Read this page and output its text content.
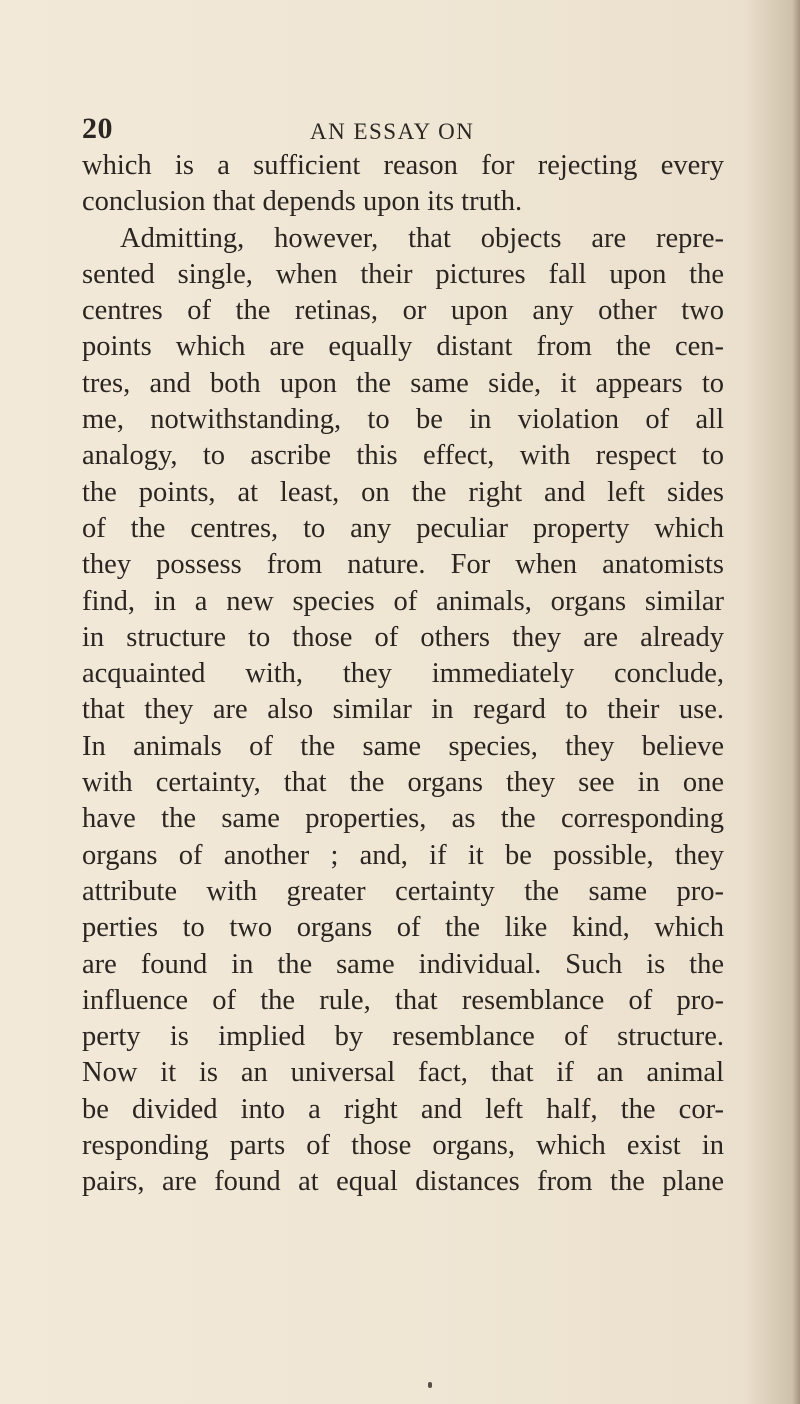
20	AN ESSAY ON
which is a sufficient reason for rejecting every
conclusion that depends upon its truth.
Admitting, however, that objects are repre-
sented single, when their pictures fall upon the
centres of the retinas, or upon any other two
points which are equally distant from the cen-
tres, and both upon the same side, it appears to
me, notwithstanding, to be in violation of all
analogy, to ascribe this effect, with respect to
the points, at least, on the right and left sides
of the centres, to any peculiar property which
they possess from nature. For when anatomists
find, in a new species of animals, organs similar
in structure to those of others they are already
acquainted with, they immediately conclude,
that they are also similar in regard to their use.
In animals of the same species, they believe
with certainty, that the organs they see in one
have the same properties, as the corresponding
organs of another ; and, if it be possible, they
attribute with greater certainty the same pro-
perties to two organs of the like kind, which
are found in the same individual. Such is the
influence of the rule, that resemblance of pro-
perty is implied by resemblance of structure.
Now it is an universal fact, that if an animal
be divided into a right and left half, the cor-
responding parts of those organs, which exist in
pairs, are found at equal distances from the plane
